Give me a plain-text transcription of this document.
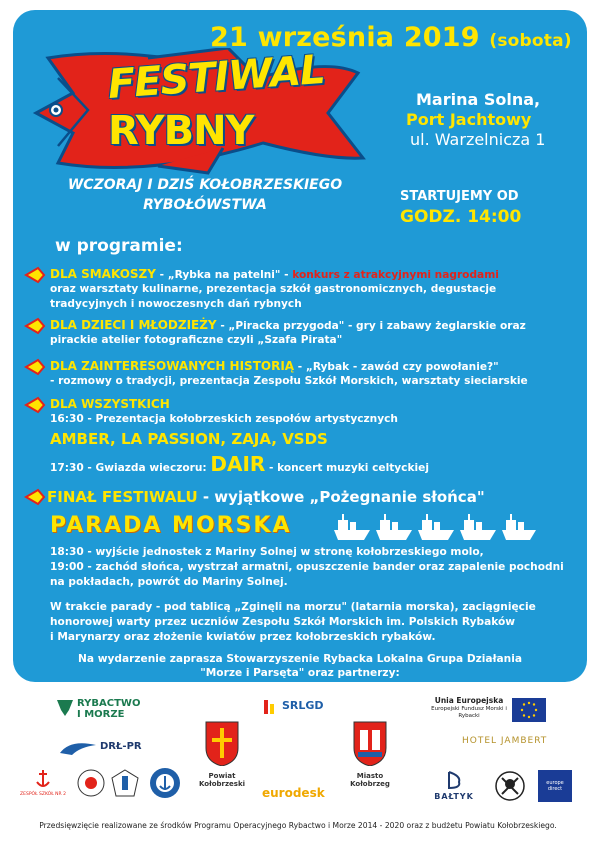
21 września 2019 (sobota)
FESTIWAL
RYBNY
Marina Solna,
Port Jachtowy
ul. Warzelnicza 1
WCZORAJ I DZIŚ KOŁOBRZESKIEGO RYBOŁÓWSTWA
STARTUJEMY OD
GODZ. 14:00
w programie:
DLA SMAKOSZY - „Rybka na patelni" - konkurs z atrakcyjnymi nagrodami
oraz warsztaty kulinarne, prezentacja szkół gastronomicznych, degustacje
tradycyjnych i nowoczesnych dań rybnych
DLA DZIECI I MŁODZIEŻY - „Piracka przygoda" - gry i zabawy żeglarskie oraz
pirackie atelier fotograficzne czyli „Szafa Pirata"
DLA ZAINTERESOWANYCH HISTORIĄ - „Rybak - zawód czy powołanie?"
- rozmowy o tradycji, prezentacja Zespołu Szkół Morskich, warsztaty sieciarskie
DLA WSZYSTKICH
16:30 - Prezentacja kołobrzeskich zespołów artystycznych
AMBER, LA PASSION, ZAJA, VSDS
17:30 - Gwiazda wieczoru: DAIR - koncert muzyki celtyckiej
FINAŁ FESTIWALU - wyjątkowe „Pożegnanie słońca"
PARADA MORSKA
18:30 - wyjście jednostek z Mariny Solnej w stronę kołobrzeskiego molo,
19:00 - zachód słońca, wystrzał armatni, opuszczenie bander oraz zapalenie pochodni
na pokładach, powrót do Mariny Solnej.
W trakcie parady - pod tablicą „Zginęli na morzu" (latarnia morska), zaciągnięcie
honorowej warty przez uczniów Zespołu Szkół Morskich im. Polskich Rybaków
i Marynarzy oraz złożenie kwiatów przez kołobrzeskich rybaków.
Na wydarzenie zaprasza Stowarzyszenie Rybacka Lokalna Grupa Działania
"Morze i Parsęta" oraz partnerzy:
RYBACTWO I MORZE
SRLGD	Unia Europejska
Europejski Fundusz Morski i Rybacki
DRŁ-PR
Powiat Kołobrzeski
Miasto Kołobrzeg
HOTEL JAMBERT
ZESPÓŁ SZKÓŁ NR 2	eurodesk	BAŁTYK
europe direct
Przedsięwzięcie realizowane ze środków Programu Operacyjnego Rybactwo i Morze 2014 - 2020 oraz z budżetu Powiatu Kołobrzeskiego.
